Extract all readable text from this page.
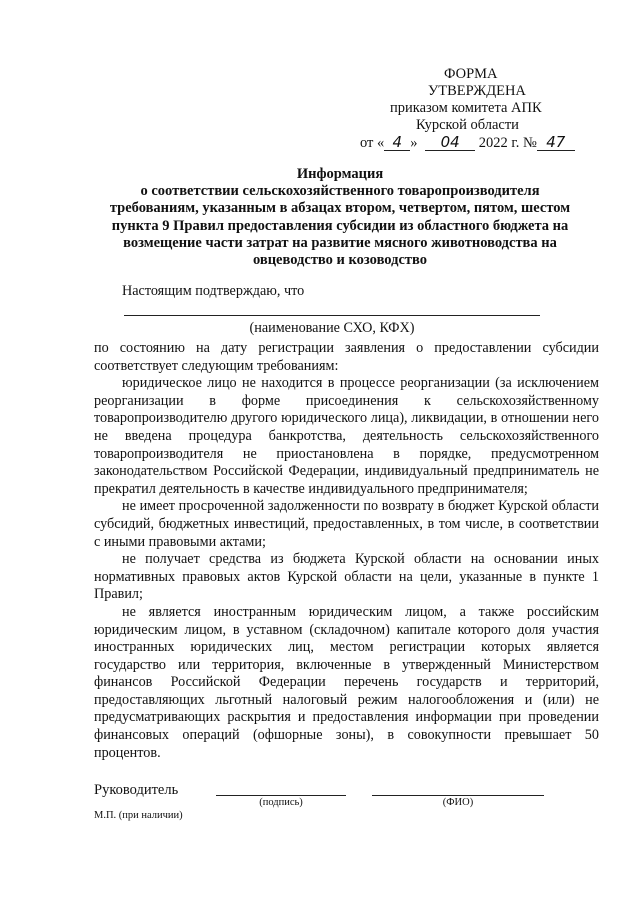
ФОРМА
УТВЕРЖДЕНА
приказом комитета АПК
Курской области
от « 4 » 04 2022 г. № 47
Информация
о соответствии сельскохозяйственного товаропроизводителя
требованиям, указанным в абзацах втором, четвертом, пятом, шестом
пункта 9 Правил предоставления субсидии из областного бюджета на
возмещение части затрат на развитие мясного животноводства на
овцеводство и козоводство
Настоящим подтверждаю, что
(наименование СХО, КФХ)

по состоянию на дату регистрации заявления о предоставлении субсидии соответствует следующим требованиям:

юридическое лицо не находится в процессе реорганизации (за исключением реорганизации в форме присоединения к сельскохозяйственному товаропроизводителю другого юридического лица), ликвидации, в отношении него не введена процедура банкротства, деятельность сельскохозяйственного товаропроизводителя не приостановлена в порядке, предусмотренном законодательством Российской Федерации, индивидуальный предприниматель не прекратил деятельность в качестве индивидуального предпринимателя;

не имеет просроченной задолженности по возврату в бюджет Курской области субсидий, бюджетных инвестиций, предоставленных, в том числе, в соответствии с иными правовыми актами;

не получает средства из бюджета Курской области на основании иных нормативных правовых актов Курской области на цели, указанные в пункте 1 Правил;

не является иностранным юридическим лицом, а также российским юридическим лицом, в уставном (складочном) капитале которого доля участия иностранных юридических лиц, местом регистрации которых является государство или территория, включенные в утвержденный Министерством финансов Российской Федерации перечень государств и территорий, предоставляющих льготный налоговый режим налогообложения и (или) не предусматривающих раскрытия и предоставления информации при проведении финансовых операций (офшорные зоны), в совокупности превышает 50 процентов.

Руководитель
(подпись)	(ФИО)
М.П. (при наличии)
